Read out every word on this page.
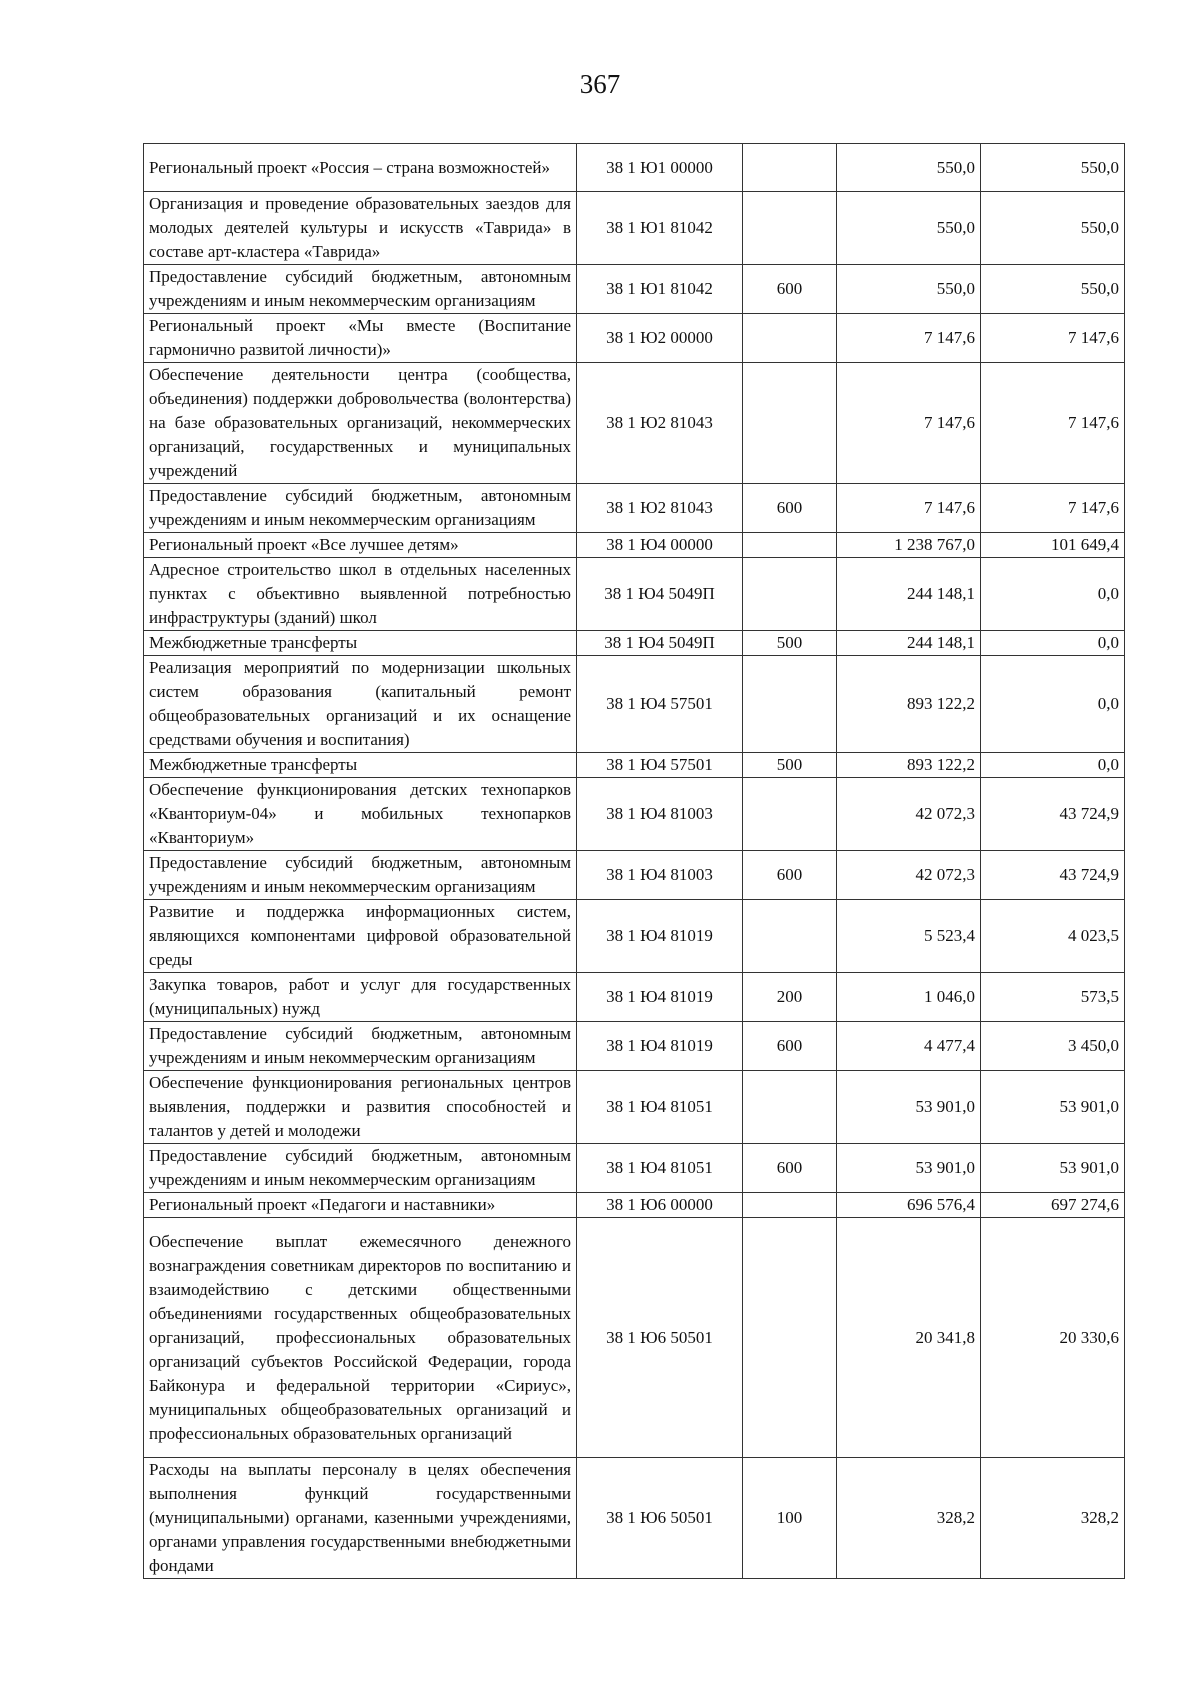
367
Региональный проект «Россия – страна возможностей»	38 1 Ю1 00000		550,0	550,0
Организация и проведение образовательных заездов для молодых деятелей культуры и искусств «Таврида» в составе арт-кластера «Таврида»	38 1 Ю1 81042		550,0	550,0
Предоставление субсидий бюджетным, автономным учреждениям и иным некоммерческим организациям	38 1 Ю1 81042	600	550,0	550,0
Региональный проект «Мы вместе (Воспитание гармонично развитой личности)»	38 1 Ю2 00000		7 147,6	7 147,6
Обеспечение деятельности центра (сообщества, объединения) поддержки добровольчества (волонтерства) на базе образовательных организаций, некоммерческих организаций, государственных и муниципальных учреждений	38 1 Ю2 81043		7 147,6	7 147,6
Предоставление субсидий бюджетным, автономным учреждениям и иным некоммерческим организациям	38 1 Ю2 81043	600	7 147,6	7 147,6
Региональный проект «Все лучшее детям»	38 1 Ю4 00000		1 238 767,0	101 649,4
Адресное строительство школ в отдельных населенных пунктах с объективно выявленной потребностью инфраструктуры (зданий) школ	38 1 Ю4 5049П		244 148,1	0,0
Межбюджетные трансферты	38 1 Ю4 5049П	500	244 148,1	0,0
Реализация мероприятий по модернизации школьных систем образования (капитальный ремонт общеобразовательных организаций и их оснащение средствами обучения и воспитания)	38 1 Ю4 57501		893 122,2	0,0
Межбюджетные трансферты	38 1 Ю4 57501	500	893 122,2	0,0
Обеспечение функционирования детских технопарков «Кванториум-04» и мобильных технопарков «Кванториум»	38 1 Ю4 81003		42 072,3	43 724,9
Предоставление субсидий бюджетным, автономным учреждениям и иным некоммерческим организациям	38 1 Ю4 81003	600	42 072,3	43 724,9
Развитие и поддержка информационных систем, являющихся компонентами цифровой образовательной среды	38 1 Ю4 81019		5 523,4	4 023,5
Закупка товаров, работ и услуг для государственных (муниципальных) нужд	38 1 Ю4 81019	200	1 046,0	573,5
Предоставление субсидий бюджетным, автономным учреждениям и иным некоммерческим организациям	38 1 Ю4 81019	600	4 477,4	3 450,0
Обеспечение функционирования региональных центров выявления, поддержки и развития способностей и талантов у детей и молодежи	38 1 Ю4 81051		53 901,0	53 901,0
Предоставление субсидий бюджетным, автономным учреждениям и иным некоммерческим организациям	38 1 Ю4 81051	600	53 901,0	53 901,0
Региональный проект «Педагоги и наставники»	38 1 Ю6 00000		696 576,4	697 274,6
Обеспечение выплат ежемесячного денежного вознаграждения советникам директоров по воспитанию и взаимодействию с детскими общественными объединениями государственных общеобразовательных организаций, профессиональных образовательных организаций субъектов Российской Федерации, города Байконура и федеральной территории «Сириус», муниципальных общеобразовательных организаций и профессиональных образовательных организаций	38 1 Ю6 50501		20 341,8	20 330,6
Расходы на выплаты персоналу в целях обеспечения выполнения функций государственными (муниципальными) органами, казенными учреждениями, органами управления государственными внебюджетными фондами	38 1 Ю6 50501	100	328,2	328,2
